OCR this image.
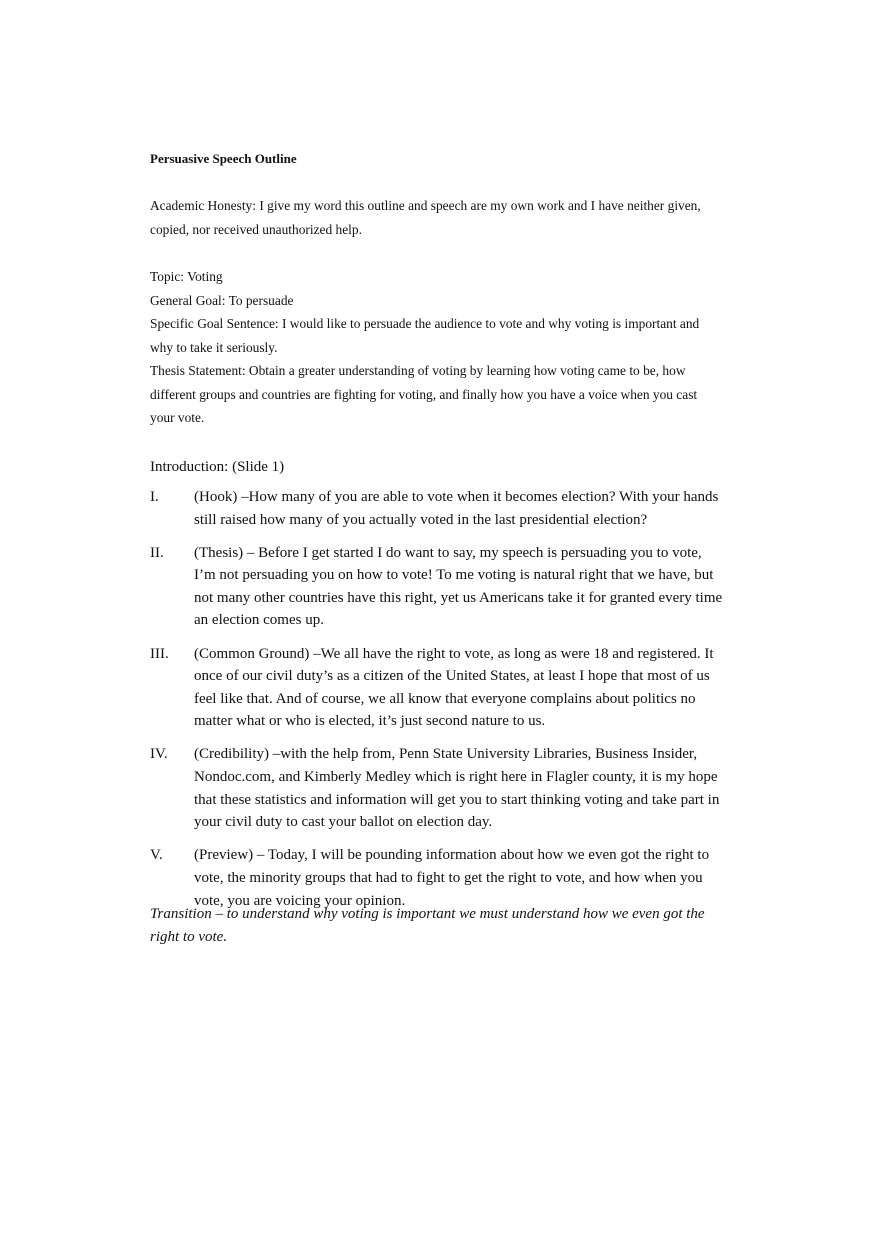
Persuasive Speech Outline
Academic Honesty: I give my word this outline and speech are my own work and I have neither given, copied, nor received unauthorized help.
Topic: Voting
General Goal: To persuade
Specific Goal Sentence: I would like to persuade the audience to vote and why voting is important and why to take it seriously.
Thesis Statement: Obtain a greater understanding of voting by learning how voting came to be, how different groups and countries are fighting for voting, and finally how you have a voice when you cast your vote.
Introduction: (Slide 1)
I. (Hook) –How many of you are able to vote when it becomes election? With your hands still raised how many of you actually voted in the last presidential election?
II. (Thesis) – Before I get started I do want to say, my speech is persuading you to vote, I’m not persuading you on how to vote! To me voting is natural right that we have, but not many other countries have this right, yet us Americans take it for granted every time an election comes up.
III. (Common Ground) –We all have the right to vote, as long as were 18 and registered. It once of our civil duty’s as a citizen of the United States, at least I hope that most of us feel like that. And of course, we all know that everyone complains about politics no matter what or who is elected, it’s just second nature to us.
IV. (Credibility) –with the help from, Penn State University Libraries, Business Insider, Nondoc.com, and Kimberly Medley which is right here in Flagler county, it is my hope that these statistics and information will get you to start thinking voting and take part in your civil duty to cast your ballot on election day.
V. (Preview) – Today, I will be pounding information about how we even got the right to vote, the minority groups that had to fight to get the right to vote, and how when you vote, you are voicing your opinion.
Transition – to understand why voting is important we must understand how we even got the right to vote.
